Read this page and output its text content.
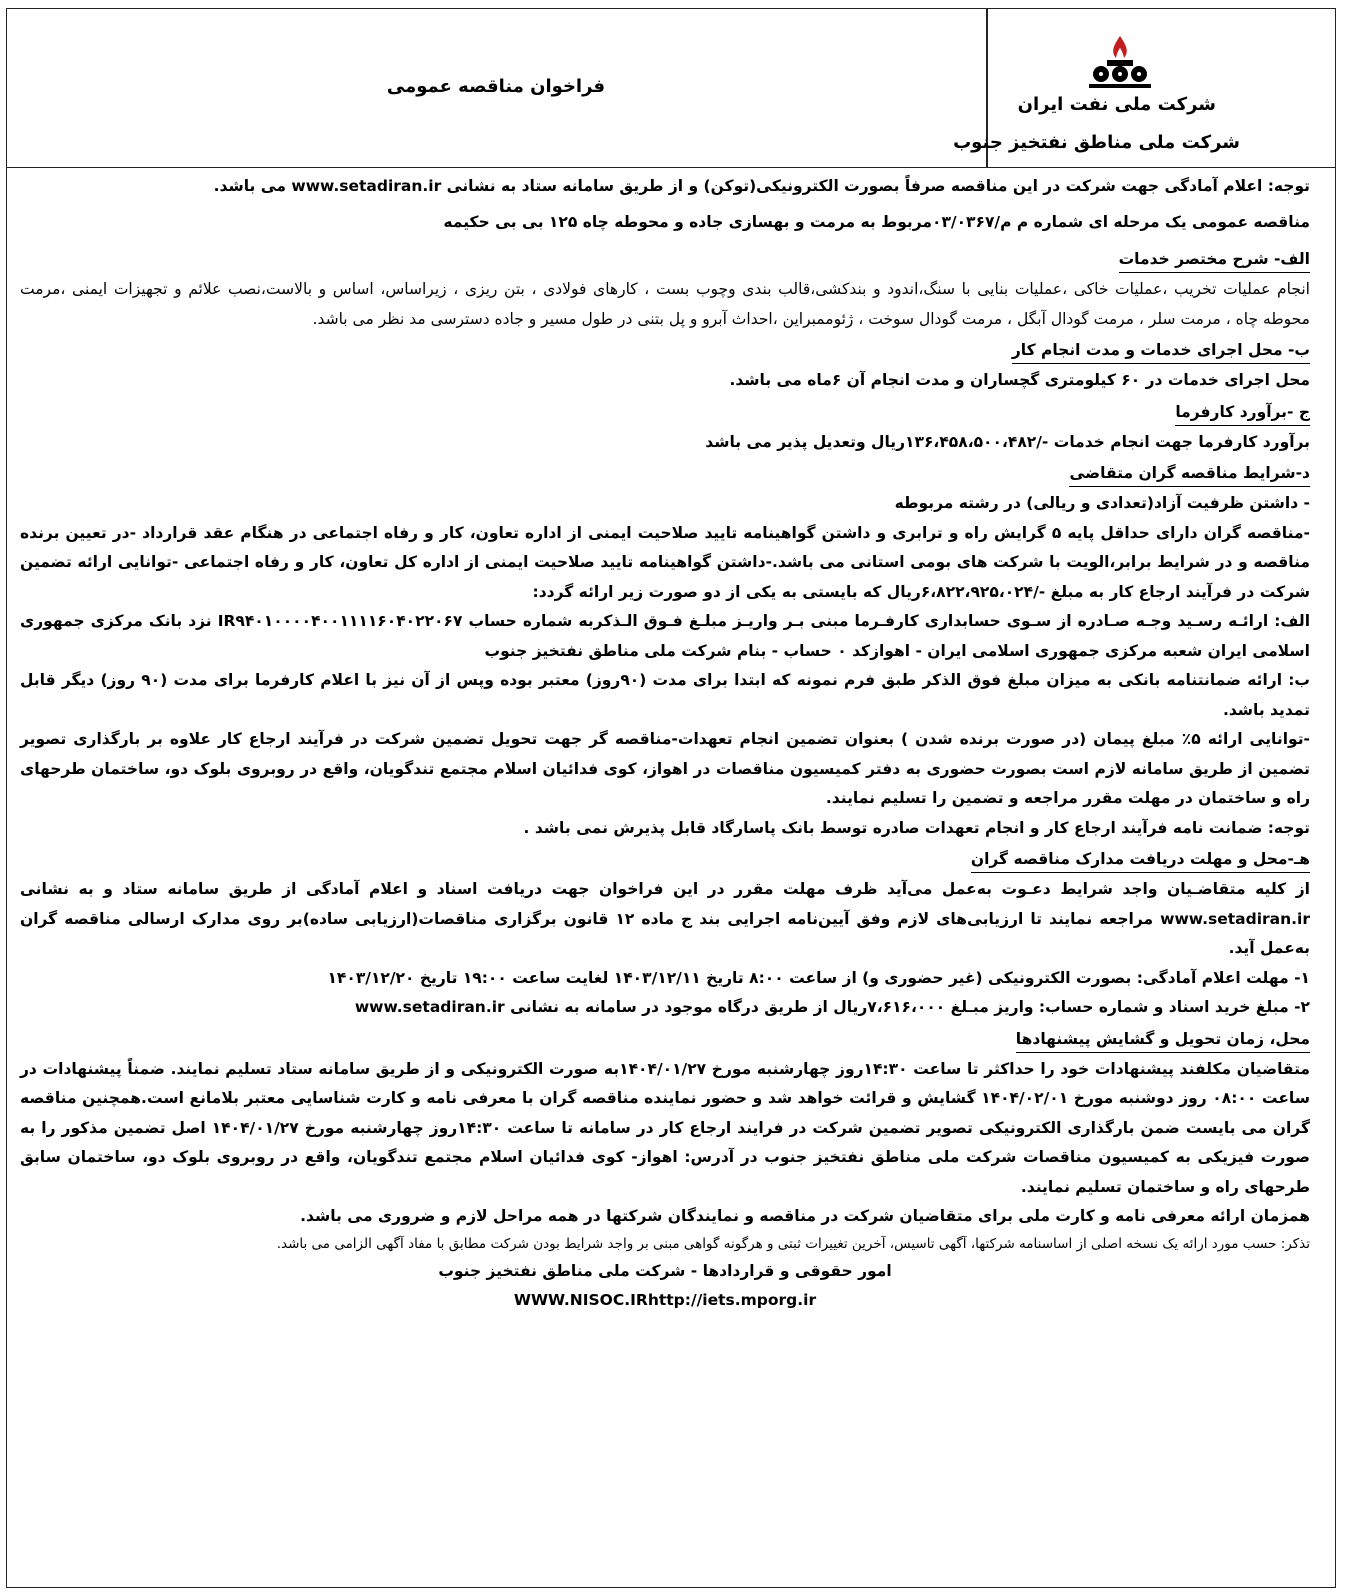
فراخوان مناقصه عمومی
شرکت ملی نفت ایران
شرکت ملی مناطق نفتخیز جنوب
ParsNamadData

توجه: اعلام آمادگی جهت شرکت در این مناقصه صرفاً بصورت الکترونیکی(توکن) و از طریق سامانه ستاد به نشانی www.setadiran.ir می باشد.

مناقصه عمومی یک مرحله ای شماره م م/۰۳/۰۳۶۷مربوط به مرمت و بهسازی جاده و محوطه چاه ۱۲۵ بی بی حکیمه

الف- شرح مختصر خدمات

انجام عملیات تخریب ،عملیات خاکی ،عملیات بنایی با سنگ،اندود و بندکشی،قالب بندی وچوب بست ، کارهای فولادی ، بتن ریزی ، زیراساس، اساس و بالاست،نصب علائم و تجهیزات ایمنی ،مرمت محوطه چاه ، مرمت سلر ، مرمت گودال آبگل ، مرمت گودال سوخت ، ژئوممبراین ،احداث آبرو و پل بتنی در طول مسیر و جاده دسترسی مد نظر می باشد.

ب- محل اجرای خدمات و مدت انجام کار

محل اجرای خدمات در ۶۰ کیلومتری گچساران و مدت انجام آن ۶ماه می باشد.

ج -برآورد کارفرما

برآورد کارفرما جهت انجام خدمات -/۱۳۶،۴۵۸،۵۰۰،۴۸۲ریال وتعدیل پذیر می باشد

د-شرایط مناقصه گران متقاضی

- داشتن ظرفیت آزاد(تعدادی و ریالی) در رشته مربوطه

-مناقصه گران دارای حداقل پایه ۵ گرایش راه و ترابری و داشتن گواهینامه تایید صلاحیت ایمنی از اداره تعاون، کار و رفاه اجتماعی در هنگام عقد قرارداد -در تعیین برنده مناقصه و در شرایط برابر،الویت با شرکت های بومی استانی می باشد.-داشتن گواهینامه تایید صلاحیت ایمنی از اداره کل تعاون، کار و رفاه اجتماعی -توانایی ارائه تضمین شرکت در فرآیند ارجاع کار به مبلغ -/۶،۸۲۲،۹۲۵،۰۲۴ریال که بایستی به یکی از دو صورت زیر ارائه گردد:

الف: ارائـه رسـید وجـه صـادره از سـوی حسابداری کارفـرما مبنی بـر واریـز مبلـغ فـوق الـذکربه شماره حساب IR۹۴۰۱۰۰۰۰۴۰۰۱۱۱۱۶۰۴۰۲۲۰۶۷ نزد بانک مرکزی جمهوری اسلامی ایران شعبه مرکزی جمهوری اسلامی ایران - اهوازکد ۰ حساب - بنام شرکت ملی مناطق نفتخیز جنوب

ب: ارائه ضمانتنامه بانکی به میزان مبلغ فوق الذکر طبق فرم نمونه که ابتدا برای مدت (۹۰روز) معتبر بوده وپس از آن نیز با اعلام کارفرما برای مدت (۹۰ روز) دیگر قابل تمدید باشد.

-توانایی ارائه ۵٪ مبلغ پیمان (در صورت برنده شدن ) بعنوان تضمین انجام تعهدات-مناقصه گر جهت تحویل تضمین شرکت در فرآیند ارجاع کار علاوه بر بارگذاری تصویر تضمین از طریق سامانه لازم است بصورت حضوری به دفتر کمیسیون مناقصات در اهواز، کوی فدائیان اسلام مجتمع تندگویان، واقع در روبروی بلوک دو، ساختمان طرحهای راه و ساختمان در مهلت مقرر مراجعه و تضمین را تسلیم نمایند.

توجه: ضمانت نامه فرآیند ارجاع کار و انجام تعهدات صادره توسط بانک پاسارگاد قابل پذیرش نمی باشد .

هـ-محل و مهلت دریافت مدارک مناقصه گران

از کلیه متقاضـیان واجد شرایط دعـوت به‌عمل می‌آید ظرف مهلت مقرر در این فراخوان جهت دریافت اسناد و اعلام آمادگی از طریق سامانه ستاد و به نشانی www.setadiran.ir مراجعه نمایند تا ارزیابی‌های لازم وفق آیین‌نامه اجرایی بند ج ماده ۱۲ قانون برگزاری مناقصات(ارزیابی ساده)بر روی مدارک ارسالی مناقصه گران به‌عمل آید.

۱- مهلت اعلام آمادگی: بصورت الکترونیکی (غیر حضوری و) از ساعت ۸:۰۰ تاریخ ۱۴۰۳/۱۲/۱۱ لغایت ساعت ۱۹:۰۰ تاریخ ۱۴۰۳/۱۲/۲۰

۲- مبلغ خرید اسناد و شماره حساب: واریز مبـلغ ۷،۶۱۶،۰۰۰ریال از طریق درگاه موجود در سامانه به نشانی www.setadiran.ir

محل، زمان تحویل و گشایش پیشنهادها

متقاضیان مکلفند پیشنهادات خود را حداکثر تا ساعت ۱۴:۳۰روز چهارشنبه مورخ ۱۴۰۴/۰۱/۲۷به صورت الکترونیکی و از طریق سامانه ستاد تسلیم نمایند. ضمناً پیشنهادات در ساعت ۰۸:۰۰ روز دوشنبه مورخ ۱۴۰۴/۰۲/۰۱ گشایش و قرائت خواهد شد و حضور نماینده مناقصه گران با معرفی نامه و کارت شناسایی معتبر بلامانع است.همچنین مناقصه گران می بایست ضمن بارگذاری الکترونیکی تصویر تضمین شرکت در فرایند ارجاع کار در سامانه تا ساعت ۱۴:۳۰روز چهارشنبه مورخ ۱۴۰۴/۰۱/۲۷ اصل تضمین مذکور را به صورت فیزیکی به کمیسیون مناقصات شرکت ملی مناطق نفتخیز جنوب در آدرس: اهواز- کوی فدائیان اسلام مجتمع تندگویان، واقع در روبروی بلوک دو، ساختمان سابق طرحهای راه و ساختمان تسلیم نمایند.

همزمان ارائه معرفی نامه و کارت ملی برای متقاضیان شرکت در مناقصه و نمایندگان شرکتها در همه مراحل لازم و ضروری می باشد.

تذکر: حسب مورد ارائه یک نسخه اصلی از اساسنامه شرکتها، آگهی تاسیس، آخرین تغییرات ثبتی و هرگونه گواهی مبنی بر واجد شرایط بودن شرکت مطابق با مفاد آگهی الزامی می باشد.

امور حقوقی و قراردادها - شرکت ملی مناطق نفتخیز جنوب

WWW.NISOC.IRhttp://iets.mporg.ir
